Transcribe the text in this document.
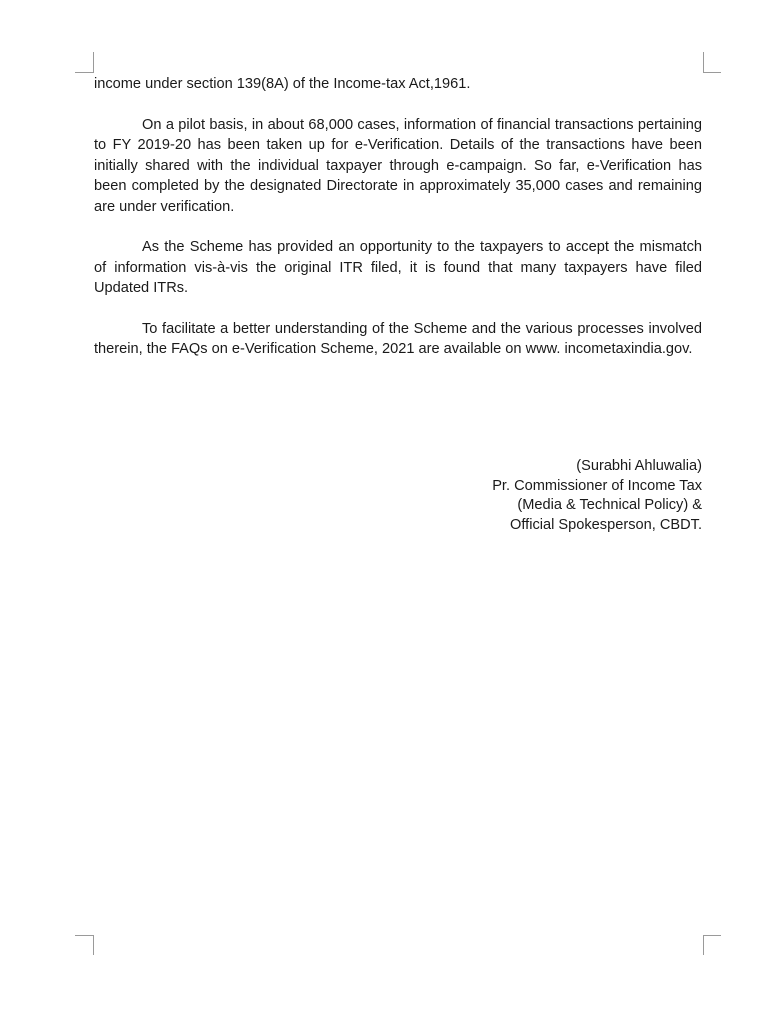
income under section 139(8A) of the Income-tax Act,1961.

On a pilot basis, in about 68,000 cases, information of financial transactions pertaining to FY 2019-20 has been taken up for e-Verification. Details of the transactions have been initially shared with the individual taxpayer through e-campaign. So far, e-Verification has been completed by the designated Directorate in approximately 35,000 cases and remaining are under verification.

As the Scheme has provided an opportunity to the taxpayers to accept the mismatch of information vis-à-vis the original ITR filed, it is found that many taxpayers have filed Updated ITRs.

To facilitate a better understanding of the Scheme and the various processes involved therein, the FAQs on e-Verification Scheme, 2021 are available on www. incometaxindia.gov.

(Surabhi Ahluwalia)
Pr. Commissioner of Income Tax
(Media & Technical Policy) &
Official Spokesperson, CBDT.
